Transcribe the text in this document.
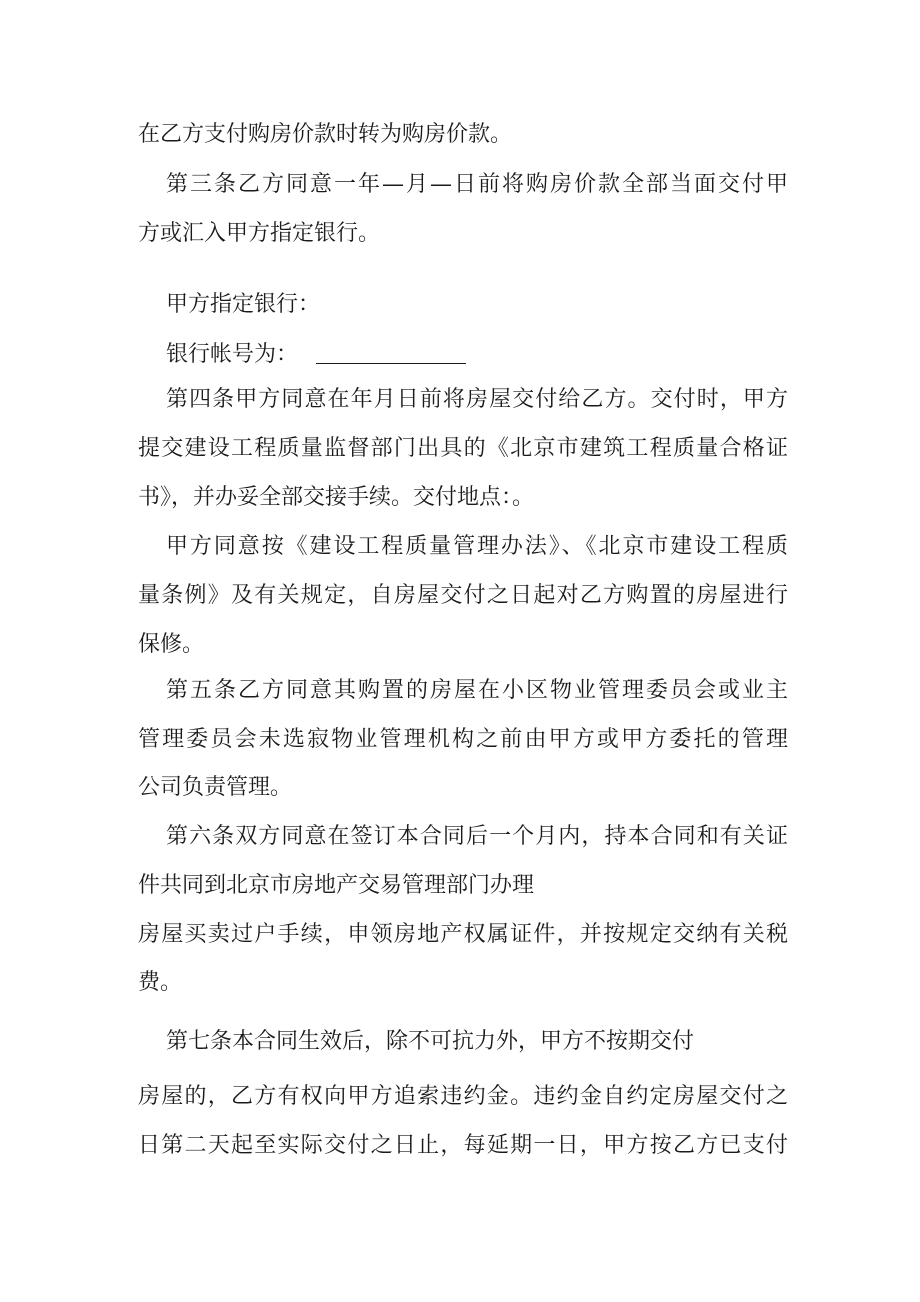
在乙方支付购房价款时转为购房价款。
第三条乙方同意一年—月—日前将购房价款全部当面交付甲
方或汇入甲方指定银行。
甲方指定银行：
银行帐号为：
第四条甲方同意在年月日前将房屋交付给乙方。交付时，甲方
提交建设工程质量监督部门出具的《北京市建筑工程质量合格证
书》，并办妥全部交接手续。交付地点：。
甲方同意按《建设工程质量管理办法》、《北京市建设工程质
量条例》及有关规定，自房屋交付之日起对乙方购置的房屋进行
保修。
第五条乙方同意其购置的房屋在小区物业管理委员会或业主
管理委员会未选寂物业管理机构之前由甲方或甲方委托的管理
公司负责管理。
第六条双方同意在签订本合同后一个月内，持本合同和有关证
件共同到北京市房地产交易管理部门办理
房屋买卖过户手续，申领房地产权属证件，并按规定交纳有关税
费。
第七条本合同生效后，除不可抗力外，甲方不按期交付
房屋的，乙方有权向甲方追索违约金。违约金自约定房屋交付之
日第二天起至实际交付之日止，每延期一日，甲方按乙方已支付
